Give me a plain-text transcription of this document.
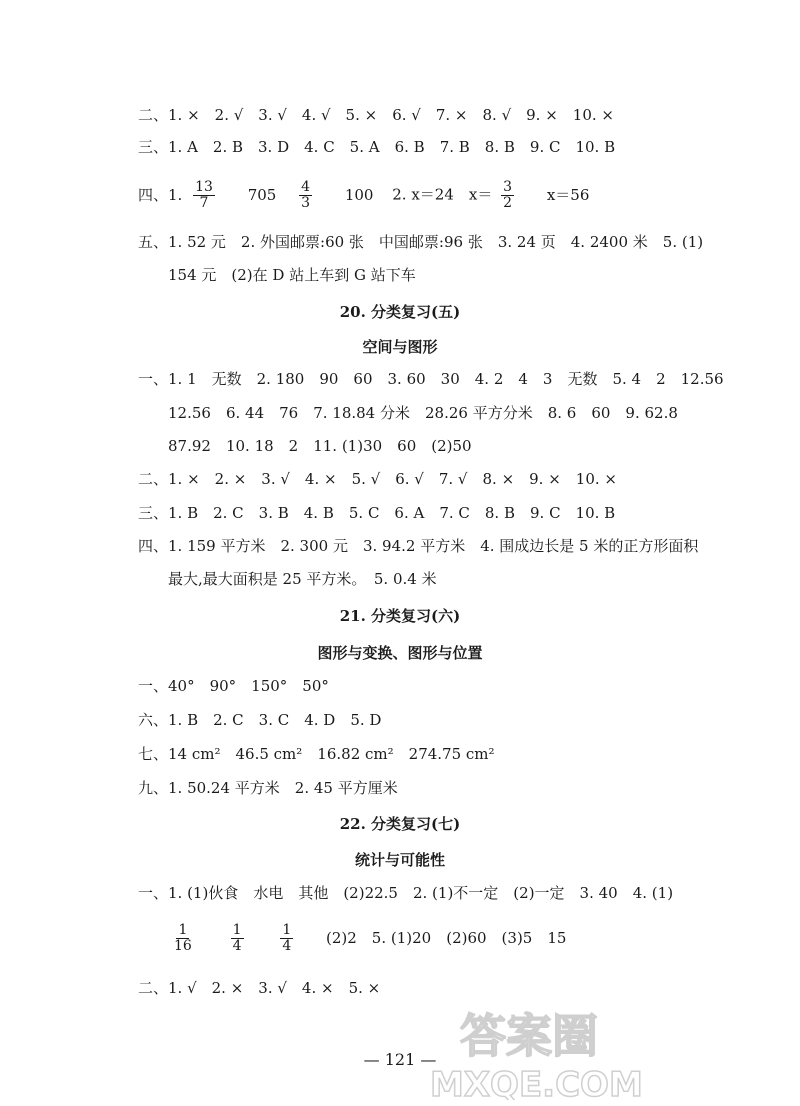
二、1. ×　2. √　3. √　4. √　5. ×　6. √　7. ×　8. √　9. ×　10. ×
三、1. A　2. B　3. D　4. C　5. A　6. B　7. B　8. B　9. C　10. B
四、1. $\frac{13}{7} 705 \frac{4}{3} 100$ 2. x＝24　$x= \frac{3}{2} x=56$
五、1. 52 元　2. 外国邮票:60 张　中国邮票:96 张　3. 24 页　4. 2400 米　5. (1)
154 元　(2)在 D 站上车到 G 站下车
20. 分类复习(五)
空间与图形
一、1. 1　无数　2. 180　90　60　3. 60　30　4. 2　4　3　无数　5. 4　2　12.56
12.56　6. 44　76　7. 18.84 分米　28.26 平方分米　8. 6　60　9. 62.8
87.92　10. 18　2　11. (1)30　60　(2)50
二、1. ×　2. ×　3. √　4. ×　5. √　6. √　7. √　8. ×　9. ×　10. ×
三、1. B　2. C　3. B　4. B　5. C　6. A　7. C　8. B　9. C　10. B
四、1. 159 平方米　2. 300 元　3. 94.2 平方米　4. 围成边长是 5 米的正方形面积
最大,最大面积是 25 平方米。　5. 0.4 米
21. 分类复习(六)
图形与变换、图形与位置
一、40°　90°　150°　50°
六、1. B　2. C　3. C　4. D　5. D
七、14 cm²　46.5 cm²　16.82 cm²　274.75 cm²
九、1. 50.24 平方米　2. 45 平方厘米
22. 分类复习(七)
统计与可能性
一、1. (1)伙食　水电　其他　(2)22.5　2. (1)不一定　(2)一定　3. 40　4. (1)
$\frac{1}{16}$
$\frac{1}{4}$
$\frac{1}{4} (2)2$　5. (1)20　(2)60　(3)5　15
二、1. √　2. ×　3. √　4. ×　5. ×
— 121 — 答案圈
MXQE.COM
